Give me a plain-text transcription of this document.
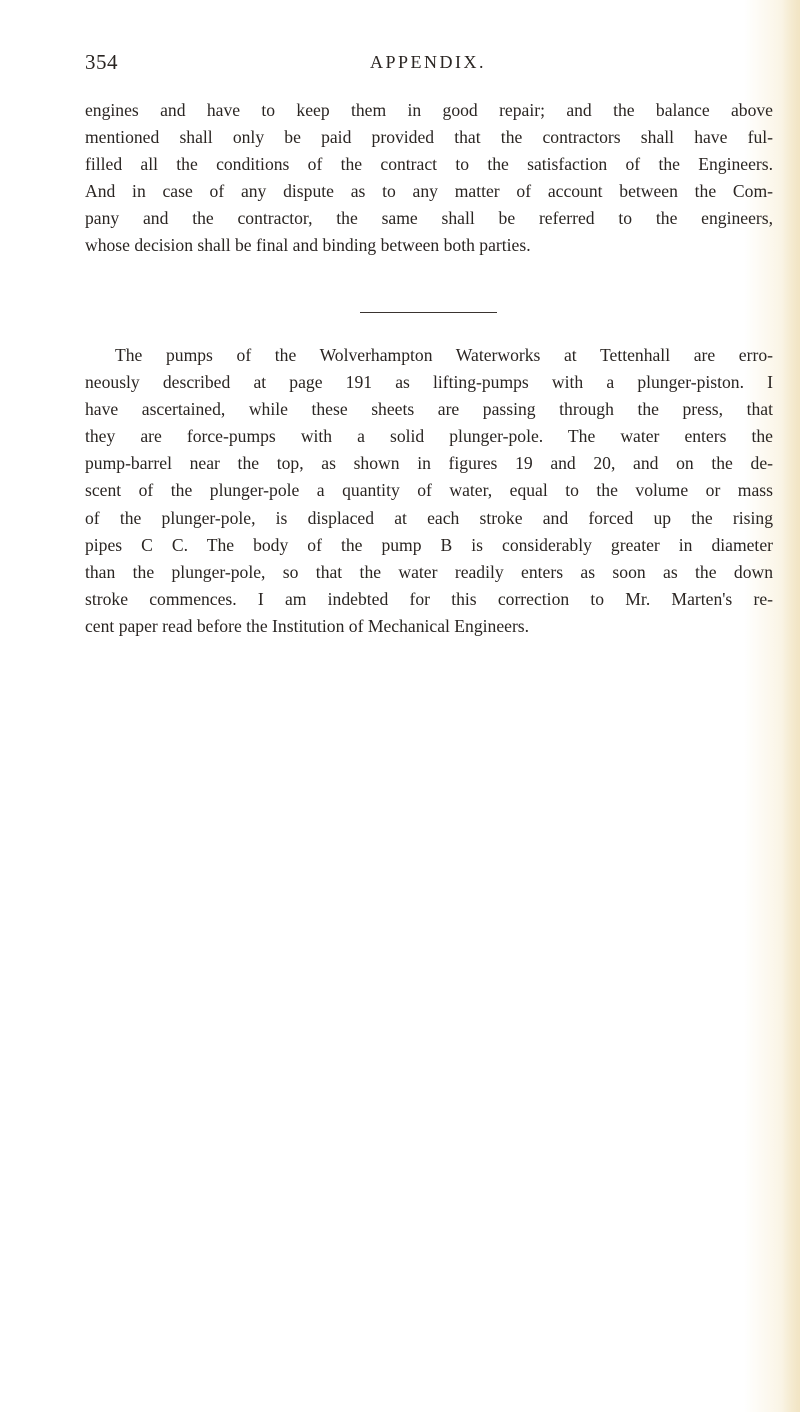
354	APPENDIX.

engines and have to keep them in good repair; and the balance above
mentioned shall only be paid provided that the contractors shall have ful-
filled all the conditions of the contract to the satisfaction of the Engineers.
And in case of any dispute as to any matter of account between the Com-
pany and the contractor, the same shall be referred to the engineers,
whose decision shall be final and binding between both parties.

The pumps of the Wolverhampton Waterworks at Tettenhall are erro-
neously described at page 191 as lifting-pumps with a plunger-piston. I
have ascertained, while these sheets are passing through the press, that
they are force-pumps with a solid plunger-pole. The water enters the
pump-barrel near the top, as shown in figures 19 and 20, and on the de-
scent of the plunger-pole a quantity of water, equal to the volume or mass
of the plunger-pole, is displaced at each stroke and forced up the rising
pipes C C. The body of the pump B is considerably greater in diameter
than the plunger-pole, so that the water readily enters as soon as the down
stroke commences. I am indebted for this correction to Mr. Marten's re-
cent paper read before the Institution of Mechanical Engineers.
